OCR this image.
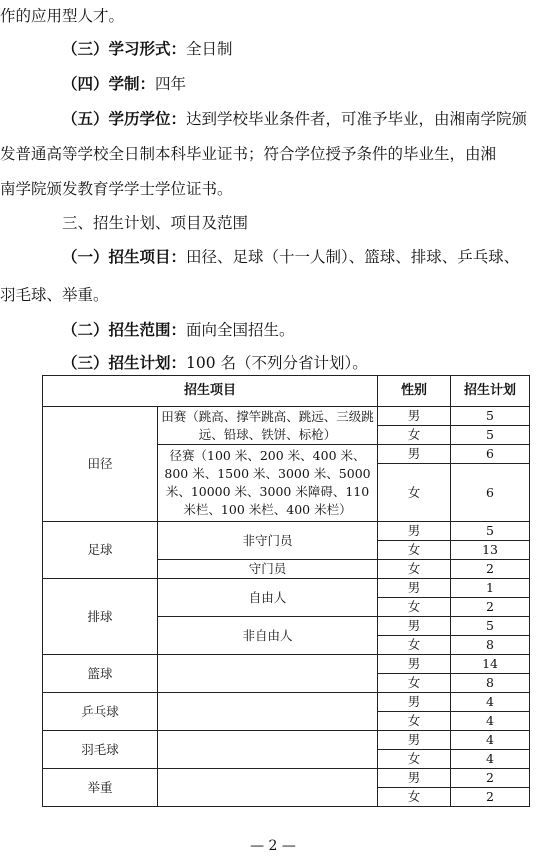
作的应用型人才。
（三）学习形式：全日制
（四）学制：四年
（五）学历学位：达到学校毕业条件者，可准予毕业，由湘南学院颁
发普通高等学校全日制本科毕业证书；符合学位授予条件的毕业生，由湘
南学院颁发教育学学士学位证书。
三、招生计划、项目及范围
（一）招生项目：田径、足球（十一人制）、篮球、排球、乒乓球、
羽毛球、举重。
（二）招生范围：面向全国招生。
（三）招生计划：100 名（不列分省计划）。
招生项目		性别	招生计划
田径	田赛（跳高、撑竿跳高、跳远、三级跳远、铅球、铁饼、标枪）	男	5
		女	5
	径赛（100 米、200 米、400 米、800 米、1500 米、3000 米、5000 米、10000 米、3000 米障碍、110 米栏、100 米栏、400 米栏）	男	6
		女	6
足球	非守门员	男	5
		女	13
	守门员	女	2
排球	自由人	男	1
		女	2
	非自由人	男	5
		女	8
篮球		男	14
		女	8
乒乓球		男	4
		女	4
羽毛球		男	4
		女	4
举重		男	2
		女	2
— 2 —
